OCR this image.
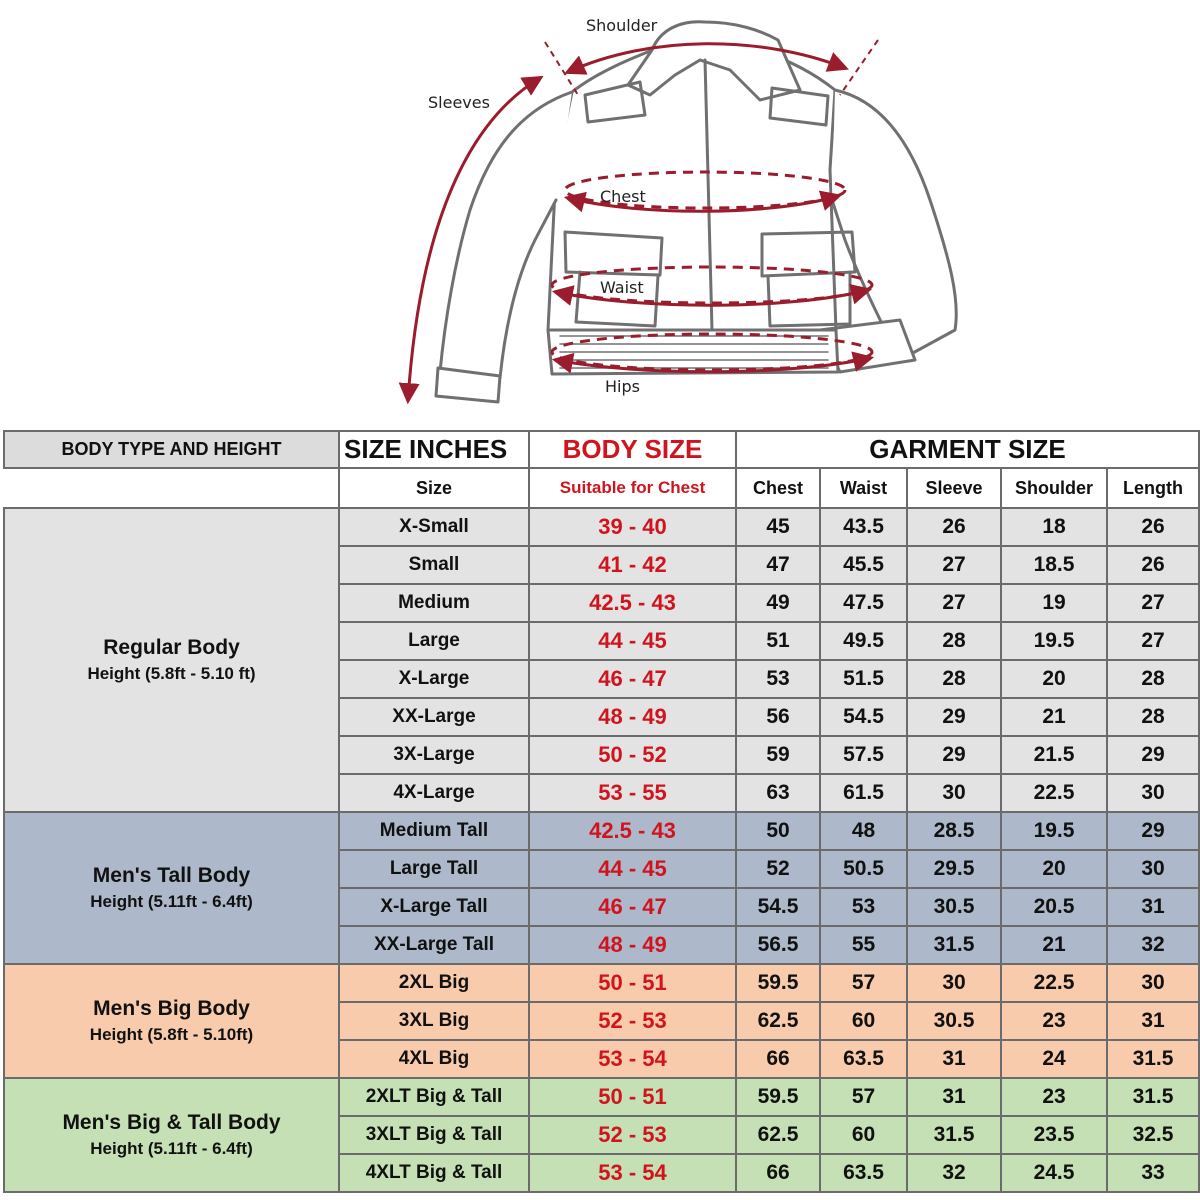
Shoulder
Sleeves
Chest
Waist
Hips
BODY TYPE AND HEIGHT	SIZE INCHES	BODY SIZE	GARMENT SIZE				
	Size	Suitable for Chest	Chest	Waist	Sleeve	Shoulder	Length
Regular Body

Height (5.8ft - 5.10 ft)	X-Small	39 - 40	45	43.5	26	18	26
	Small	41 - 42	47	45.5	27	18.5	26
	Medium	42.5 - 43	49	47.5	27	19	27
	Large	44 - 45	51	49.5	28	19.5	27
	X-Large	46 - 47	53	51.5	28	20	28
	XX-Large	48 - 49	56	54.5	29	21	28
	3X-Large	50 - 52	59	57.5	29	21.5	29
	4X-Large	53 - 55	63	61.5	30	22.5	30
Men's Tall Body

Height (5.11ft - 6.4ft)	Medium Tall	42.5 - 43	50	48	28.5	19.5	29
	Large Tall	44 - 45	52	50.5	29.5	20	30
	X-Large Tall	46 - 47	54.5	53	30.5	20.5	31
	XX-Large Tall	48 - 49	56.5	55	31.5	21	32
Men's Big Body

Height (5.8ft - 5.10ft)	2XL Big	50 - 51	59.5	57	30	22.5	30
	3XL Big	52 - 53	62.5	60	30.5	23	31
	4XL Big	53 - 54	66	63.5	31	24	31.5
Men's Big & Tall Body

Height (5.11ft - 6.4ft)	2XLT Big & Tall	50 - 51	59.5	57	31	23	31.5
	3XLT Big & Tall	52 - 53	62.5	60	31.5	23.5	32.5
	4XLT Big & Tall	53 - 54	66	63.5	32	24.5	33
